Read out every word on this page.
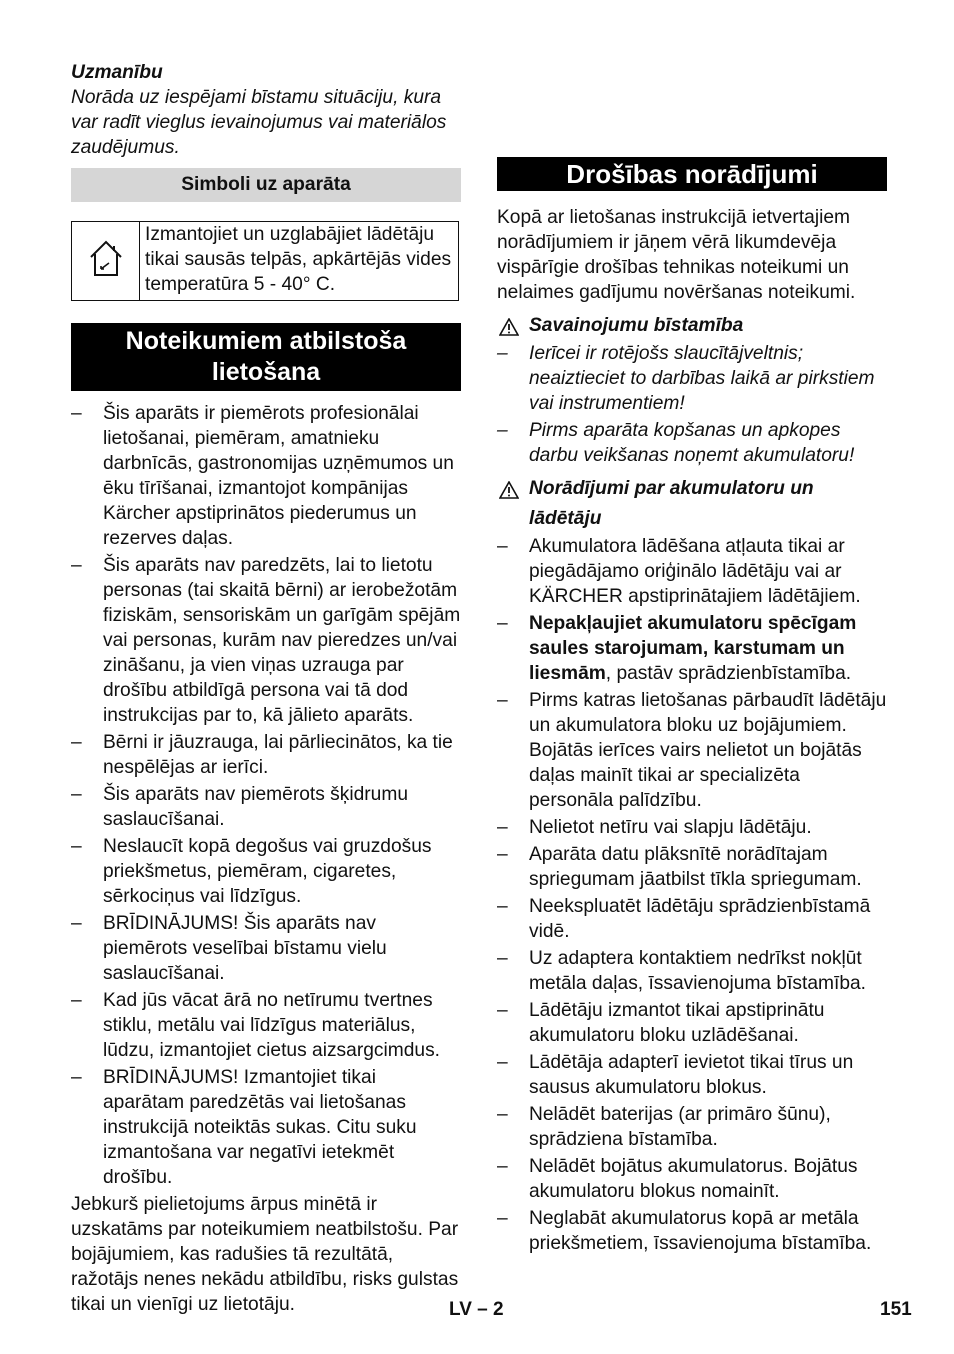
Uzmanību

Norāda uz iespējami bīstamu situāciju, kura var radīt vieglus ievainojumus vai materiālos zaudējumus.

Simboli uz aparāta
	Izmantojiet un uzglabājiet lādētāju tikai sausās telpās, apkārtējās vides temperatūra 5 - 40° C.
Noteikumiem atbilstoša lietošana
– Šis aparāts ir piemērots profesionālai lietošanai, piemēram, amatnieku darbnīcās, gastronomijas uzņēmumos un ēku tīrīšanai, izmantojot kompānijas Kärcher apstiprinātos piederumus un rezerves daļas.
– Šis aparāts nav paredzēts, lai to lietotu personas (tai skaitā bērni) ar ierobežotām fiziskām, sensoriskām un garīgām spējām vai personas, kurām nav pieredzes un/vai zināšanu, ja vien viņas uzrauga par drošību atbildīgā persona vai tā dod instrukcijas par to, kā jālieto aparāts.
– Bērni ir jāuzrauga, lai pārliecinātos, ka tie nespēlējas ar ierīci.
– Šis aparāts nav piemērots šķidrumu saslaucīšanai.
– Neslaucīt kopā degošus vai gruzdošus priekšmetus, piemēram, cigaretes, sērkociņus vai līdzīgus.
– BRĪDINĀJUMS! Šis aparāts nav piemērots veselībai bīstamu vielu saslaucīšanai.
– Kad jūs vācat ārā no netīrumu tvertnes stiklu, metālu vai līdzīgus materiālus, lūdzu, izmantojiet cietus aizsargcimdus.
– BRĪDINĀJUMS! Izmantojiet tikai aparātam paredzētās vai lietošanas instrukcijā noteiktās sukas. Citu suku izmantošana var negatīvi ietekmēt drošību.

Jebkurš pielietojums ārpus minētā ir uzskatāms par noteikumiem neatbilstošu. Par bojājumiem, kas radušies tā rezultātā, ražotājs nenes nekādu atbildību, risks gulstas tikai un vienīgi uz lietotāju.

Drošības norādījumi

Kopā ar lietošanas instrukcijā ietvertajiem norādījumiem ir jāņem vērā likumdevēja vispārīgie drošības tehnikas noteikumi un nelaimes gadījumu novēršanas noteikumi.

Savainojumu bīstamība
– Ierīcei ir rotējošs slaucītājveltnis; neaiztieciet to darbības laikā ar pirkstiem vai instrumentiem!
– Pirms aparāta kopšanas un apkopes darbu veikšanas noņemt akumulatoru!
Norādījumi par akumulatoru un lādētāju
– Akumulatora lādēšana atļauta tikai ar piegādājamo oriģinālo lādētāju vai ar KÄRCHER apstiprinātajiem lādētājiem.
– Nepakļaujiet akumulatoru spēcīgam saules starojumam, karstumam un liesmām, pastāv sprādzienbīstamība.
– Pirms katras lietošanas pārbaudīt lādētāju un akumulatora bloku uz bojājumiem. Bojātās ierīces vairs nelietot un bojātās daļas mainīt tikai ar specializēta personāla palīdzību.
– Nelietot netīru vai slapju lādētāju.
– Aparāta datu plāksnītē norādītajam spriegumam jāatbilst tīkla spriegumam.
– Neekspluatēt lādētāju sprādzienbīstamā vidē.
– Uz adaptera kontaktiem nedrīkst nokļūt metāla daļas, īssavienojuma bīstamība.
– Lādētāju izmantot tikai apstiprinātu akumulatoru bloku uzlādēšanai.
– Lādētāja adapterī ievietot tikai tīrus un sausus akumulatoru blokus.
– Nelādēt baterijas (ar primāro šūnu), sprādziena bīstamība.
– Nelādēt bojātus akumulatorus. Bojātus akumulatoru blokus nomainīt.
– Neglabāt akumulatorus kopā ar metāla priekšmetiem, īssavienojuma bīstamība.
LV – 2	151
